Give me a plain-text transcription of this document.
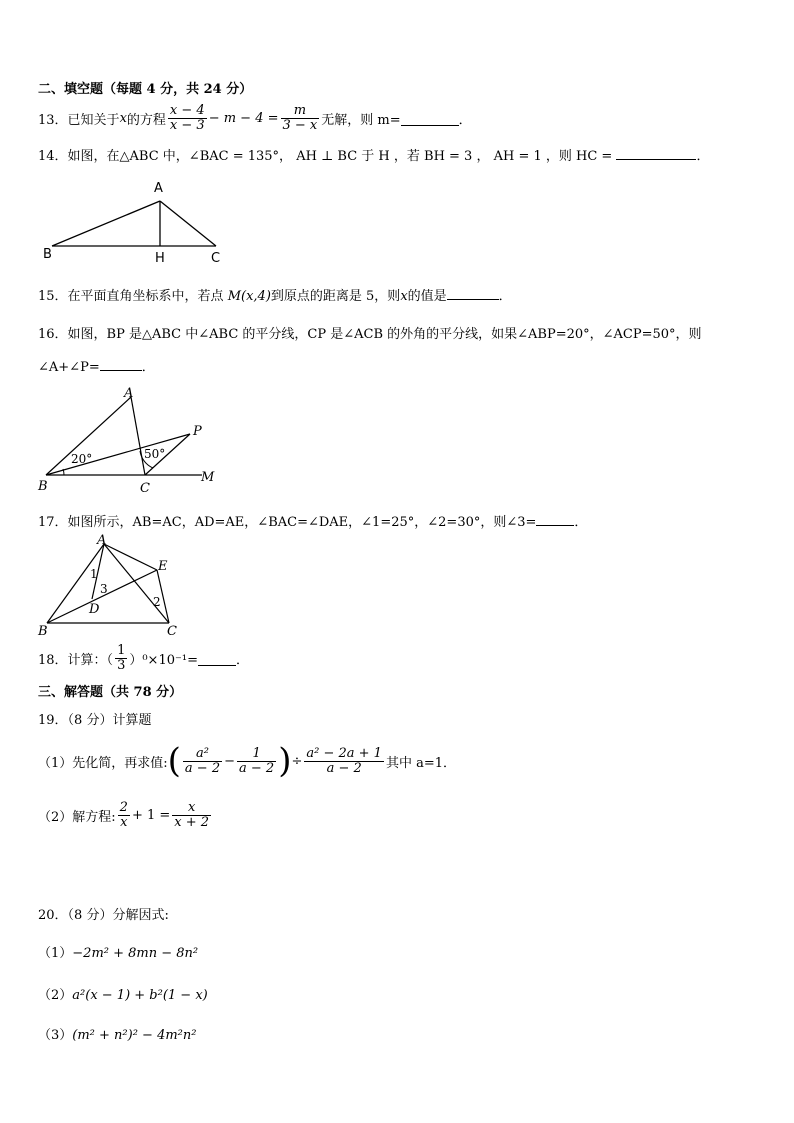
二、填空题（每题 4 分，共 24 分）
13． 已知关于 x 的方程 $\frac{x - 4}{x - 3} - m - 4 = \frac{m}{3 - x}$ 无解，则 m=	．
14．如图，在△ABC 中，∠BAC = 135°， AH ⊥ BC 于 H ，若 BH = 3 ， AH = 1 ，则 HC =	．
A
B	C
H
15．在平面直角坐标系中，若点 M(x,4)到原点的距离是 5，则x的值是	．
16．如图，BP 是△ABC 中∠ABC 的平分线，CP 是∠ACB 的外角的平分线，如果∠ABP=20°，∠ACP=50°，则
∠A+∠P=	．
20°	50°
A
B	C
P
M
17．如图所示，AB=AC，AD=AE，∠BAC=∠DAE，∠1=25°，∠2=30°，则∠3=	．
A
B	C
D
E
1
2
3
18． 计算：（ $\frac{1}{3} )^0\times 10^{-1}=$	．
三、解答题（共 78 分）
19．（8 分）计算题
（1）先化简，再求值: ( $\frac{\text{a²}}{a - 2} - \frac{1}{a - 2}$ ) ÷ $\frac{\text{a² − 2a + 1}}{a - 2}$ 其中 a=1．
（2）解方程: $\frac{2}{x} + 1 = \frac{x}{x + 2}$
20．（8 分）分解因式:
（1）−2m² + 8mn − 8n²
（2）a²(x − 1) + b²(1 − x)
（3）(m² + n²)² − 4m²n²
